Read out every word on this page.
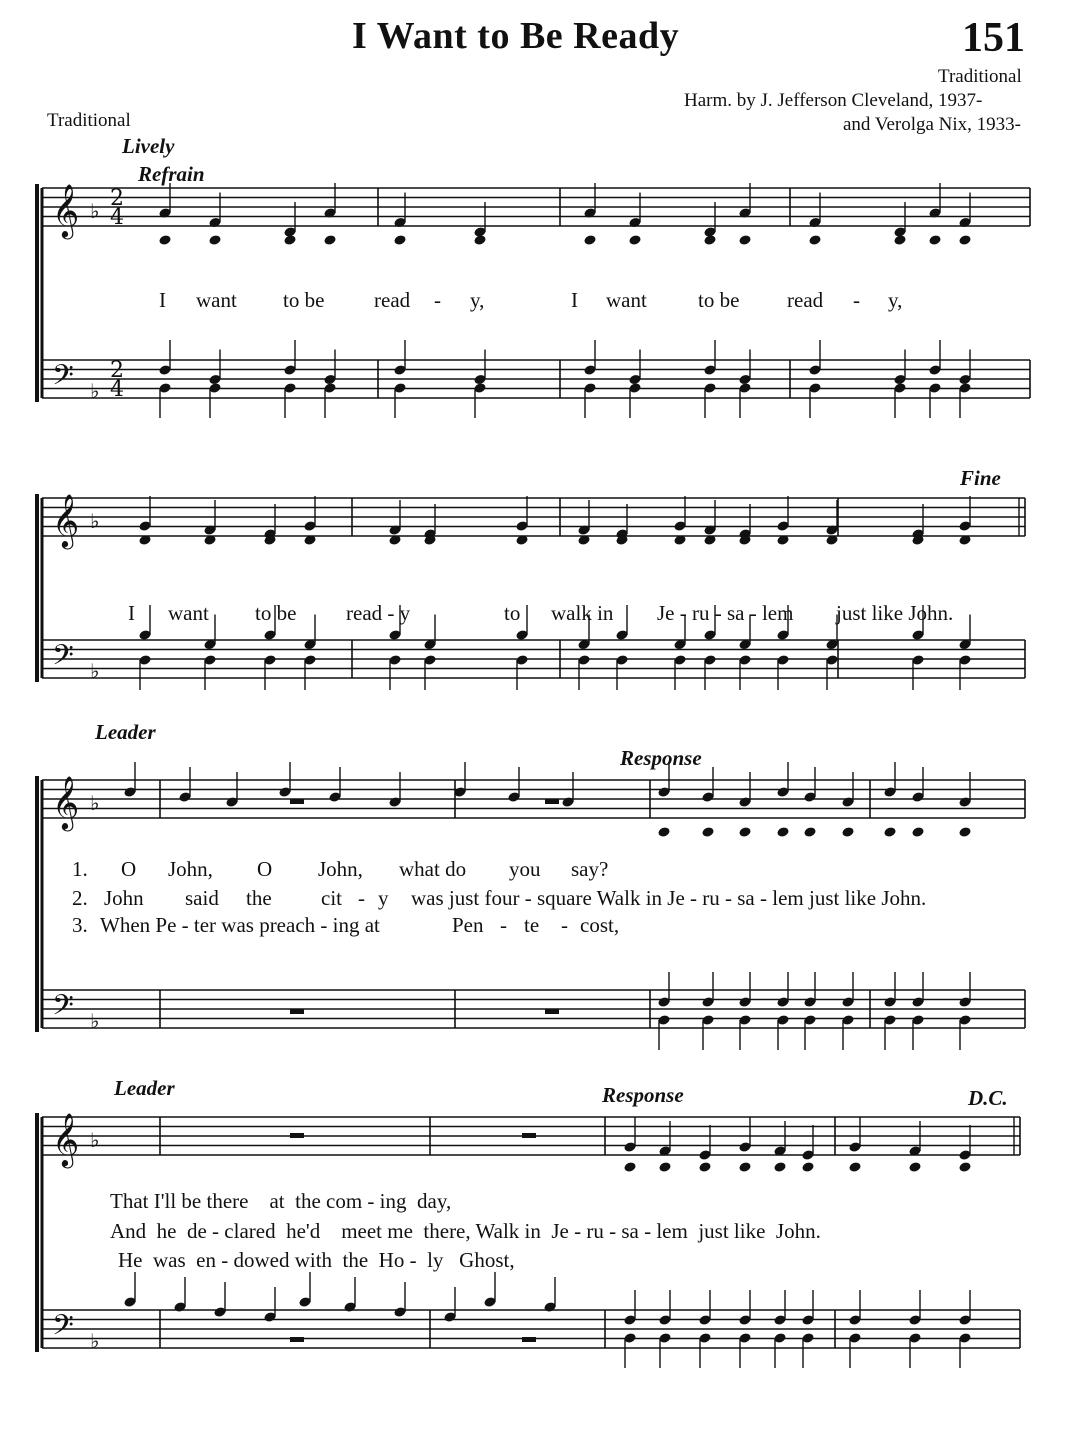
I Want to Be Ready	151
Traditional
Harm. by J. Jefferson Cleveland, 1937-
and Verolga Nix, 1933-
Traditional
Lively
Refrain
Fine
Leader
Response
Leader	Response	D.C.
I want to be read - y,	I want to be read - y,
I want to be read - y	to walk in Je - ru - sa - lem just like John.
1. O John, O John, what do you say?
2. John said the cit - y was just four - square Walk in Je - ru - sa - lem just like John.
3. When Pe - ter was preach - ing at	Pen - te - cost,
That I'll be there    at  the com - ing  day,
And  he  de - clared  he'd    meet me  there, Walk in  Je - ru - sa - lem  just like  John.
He  was  en - dowed with  the  Ho -  ly   Ghost,
𝄞
𝄢
♭
♭
𝄞
𝄢
♭
♭
𝄞
𝄢
♭
♭
𝄞
𝄢
♭
♭
2
4
2
4
